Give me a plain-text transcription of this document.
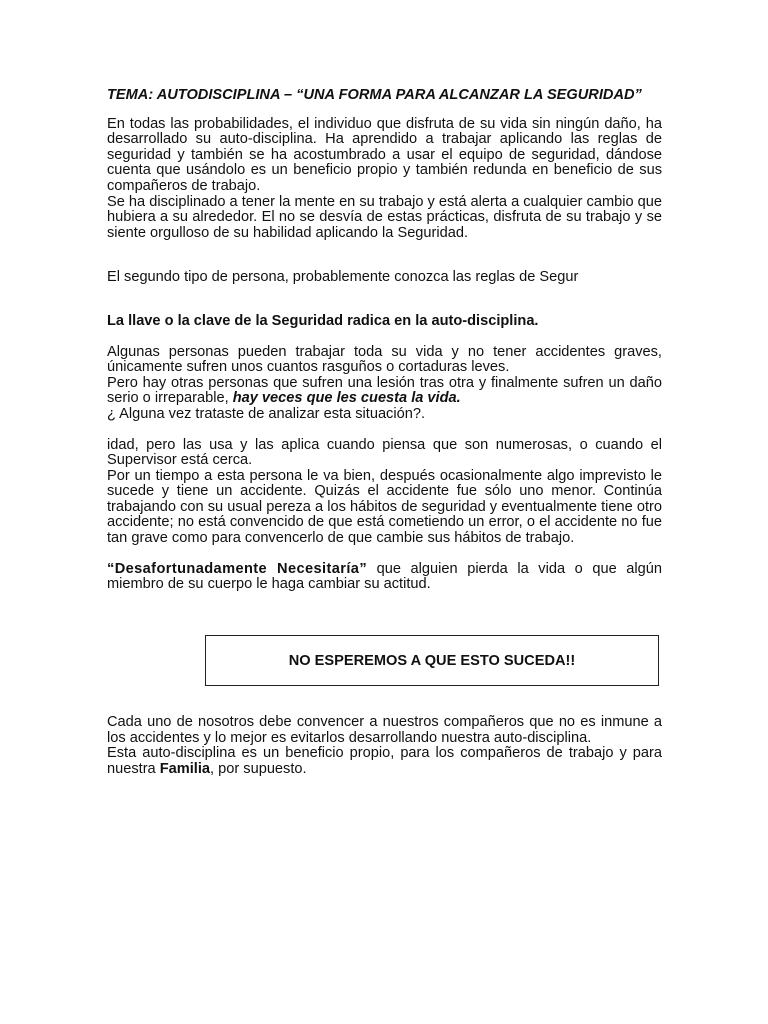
TEMA: AUTODISCIPLINA – “UNA FORMA PARA ALCANZAR LA SEGURIDAD”

En todas las probabilidades, el individuo que disfruta de su vida sin ningún daño, ha desarrollado su auto-disciplina. Ha aprendido a trabajar aplicando las reglas de seguridad y también se ha acostumbrado a usar el equipo de seguridad, dándose cuenta que usándolo es un beneficio propio y también redunda en beneficio de sus compañeros de trabajo.

Se ha disciplinado a tener la mente en su trabajo y está alerta a cualquier cambio que hubiera a su alrededor. El no se desvía de estas prácticas, disfruta de su trabajo y se siente orgulloso de su habilidad aplicando la Seguridad.

El segundo tipo de persona, probablemente conozca las reglas de Segur

La llave o la clave de la Seguridad radica en la auto-disciplina.

Algunas personas pueden trabajar toda su vida y no tener accidentes graves, únicamente sufren unos cuantos rasguños o cortaduras leves.

Pero hay otras personas que sufren una lesión tras otra y finalmente sufren un daño serio o irreparable, hay veces que les cuesta la vida.

¿ Alguna vez trataste de analizar esta situación?.

idad, pero las usa y las aplica cuando piensa que son numerosas, o cuando el Supervisor está cerca.

Por un tiempo a esta persona le va bien, después ocasionalmente algo imprevisto le sucede y tiene un accidente. Quizás el accidente fue sólo uno menor. Continúa trabajando con su usual pereza a los hábitos de seguridad y eventualmente tiene otro accidente; no está convencido de que está cometiendo un error, o el accidente no fue tan grave como para convencerlo de que cambie sus hábitos de trabajo.

“Desafortunadamente Necesitaría” que alguien pierda la vida o que algún miembro de su cuerpo le haga cambiar su actitud.

NO ESPEREMOS A QUE ESTO SUCEDA!!

Cada uno de nosotros debe convencer a nuestros compañeros que no es inmune a los accidentes y lo mejor es evitarlos desarrollando nuestra auto-disciplina.

Esta auto-disciplina es un beneficio propio, para los compañeros de trabajo y para nuestra Familia, por supuesto.
